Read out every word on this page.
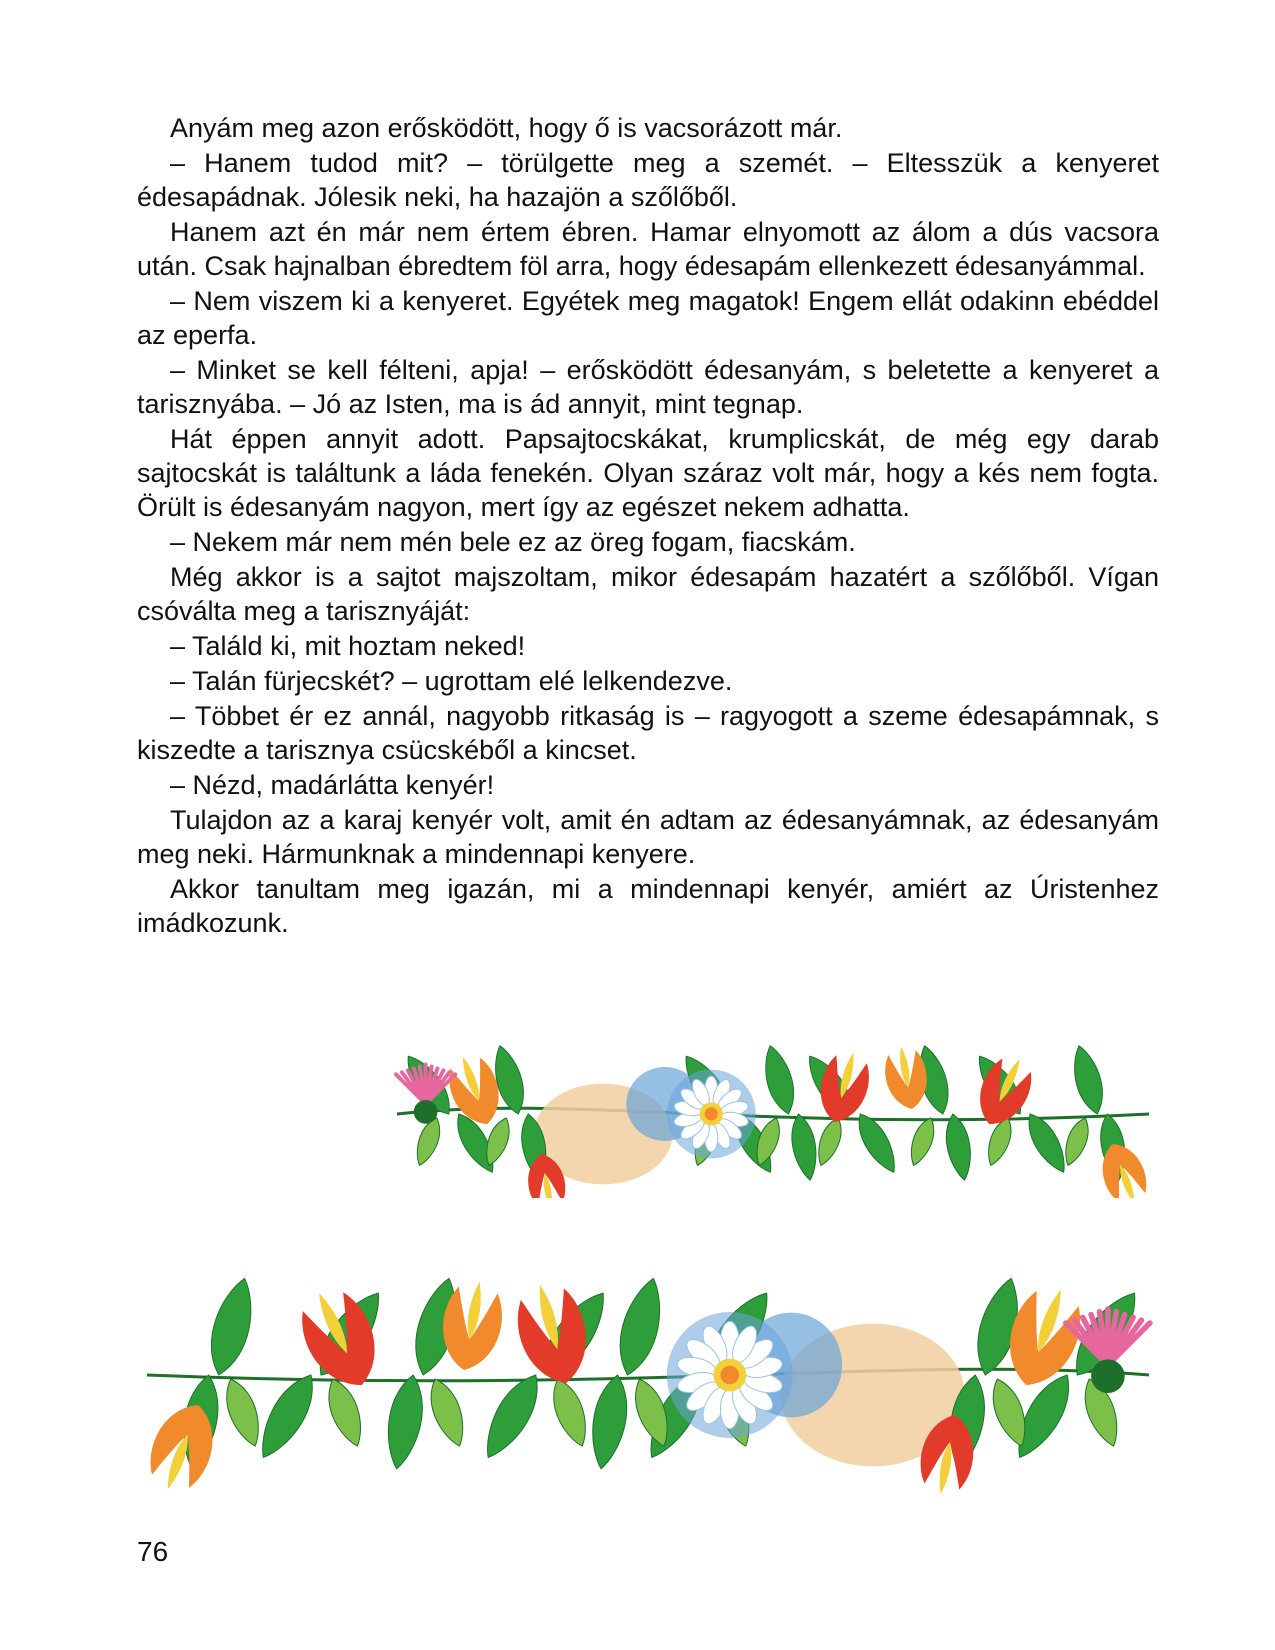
Anyám meg azon erősködött, hogy ő is vacsorázott már.

– Hanem tudod mit? – törülgette meg a szemét. – Eltesszük a kenyeret édesapádnak. Jólesik neki, ha hazajön a szőlőből.

Hanem azt én már nem értem ébren. Hamar elnyomott az álom a dús vacsora után. Csak hajnalban ébredtem föl arra, hogy édesapám ellenkezett édesanyámmal.

– Nem viszem ki a kenyeret. Egyétek meg magatok! Engem ellát odakinn ebéddel az eperfa.

– Minket se kell félteni, apja! – erősködött édesanyám, s beletette a kenyeret a tarisznyába. – Jó az Isten, ma is ád annyit, mint tegnap.

Hát éppen annyit adott. Papsajtocskákat, krumplicskát, de még egy darab sajtocskát is találtunk a láda fenekén. Olyan száraz volt már, hogy a kés nem fogta. Örült is édesanyám nagyon, mert így az egészet nekem adhatta.

– Nekem már nem mén bele ez az öreg fogam, fiacskám.

Még akkor is a sajtot majszoltam, mikor édesapám hazatért a szőlőből. Vígan csóválta meg a tarisznyáját:

– Találd ki, mit hoztam neked!

– Talán fürjecskét? – ugrottam elé lelkendezve.

– Többet ér ez annál, nagyobb ritkaság is – ragyogott a szeme édesapámnak, s kiszedte a tarisznya csücskéből a kincset.

– Nézd, madárlátta kenyér!

Tulajdon az a karaj kenyér volt, amit én adtam az édesanyámnak, az édesanyám meg neki. Hármunknak a mindennapi kenyere.

Akkor tanultam meg igazán, mi a mindennapi kenyér, amiért az Úristenhez imádkozunk.

76
